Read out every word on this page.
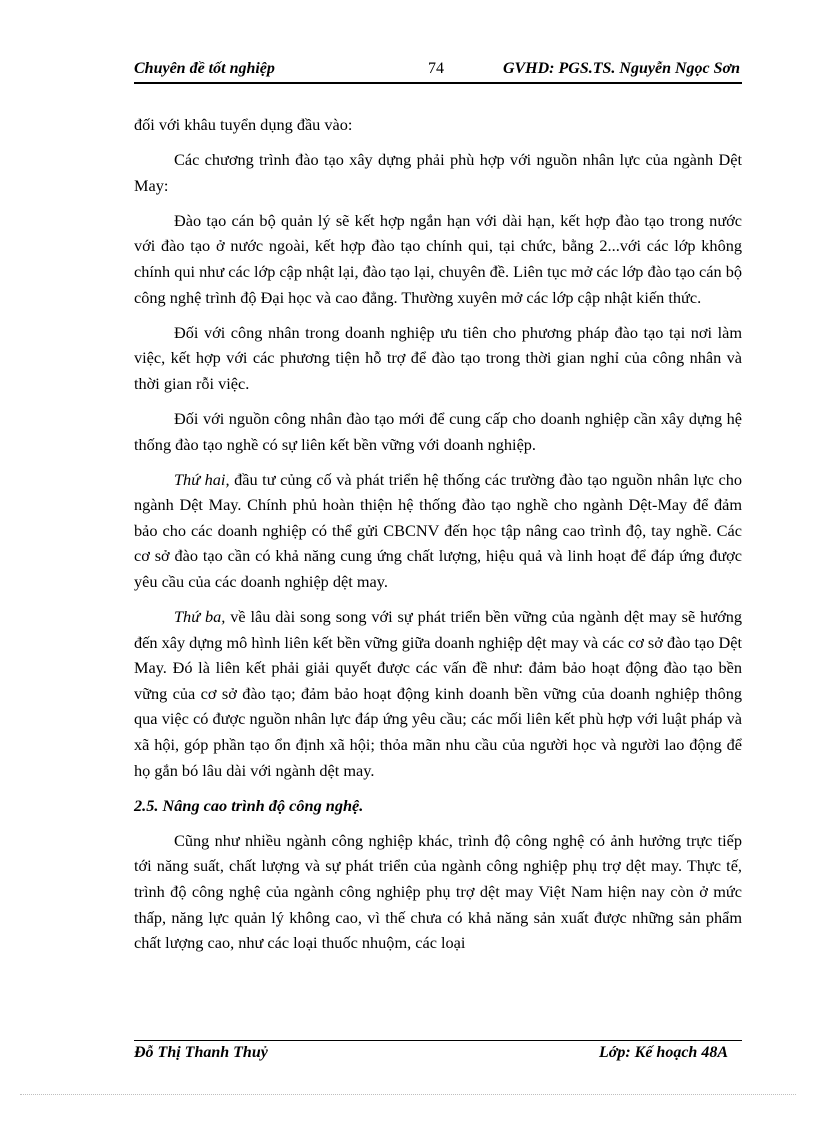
Chuyên đề tốt nghiệp	74	GVHD: PGS.TS. Nguyễn Ngọc Sơn

đối với khâu tuyển dụng đầu vào:

Các chương trình đào tạo xây dựng phải phù hợp với nguồn nhân lực của ngành Dệt May:

Đào tạo cán bộ quản lý sẽ kết hợp ngắn hạn với dài hạn, kết hợp đào tạo trong nước với đào tạo ở nước ngoài, kết hợp đào tạo chính qui, tại chức, bằng 2...với các lớp không chính qui như các lớp cập nhật lại, đào tạo lại, chuyên đề. Liên tục mở các lớp đào tạo cán bộ công nghệ trình độ Đại học và cao đẳng. Thường xuyên mở các lớp cập nhật kiến thức.

Đối với công nhân trong doanh nghiệp ưu tiên cho phương pháp đào tạo tại nơi làm việc, kết hợp với các phương tiện hỗ trợ để đào tạo trong thời gian nghỉ của công nhân và thời gian rỗi việc.

Đối với nguồn công nhân đào tạo mới để cung cấp cho doanh nghiệp cần xây dựng hệ thống đào tạo nghề có sự liên kết bền vững với doanh nghiệp.

Thứ hai, đầu tư củng cố và phát triển hệ thống các trường đào tạo nguồn nhân lực cho ngành Dệt May. Chính phủ hoàn thiện hệ thống đào tạo nghề cho ngành Dệt-May để đảm bảo cho các doanh nghiệp có thể gửi CBCNV đến học tập nâng cao trình độ, tay nghề. Các cơ sở đào tạo cần có khả năng cung ứng chất lượng, hiệu quả và linh hoạt để đáp ứng được yêu cầu của các doanh nghiệp dệt may.

Thứ ba, về lâu dài song song với sự phát triển bền vững của ngành dệt may sẽ hướng đến xây dựng mô hình liên kết bền vững giữa doanh nghiệp dệt may và các cơ sở đào tạo Dệt May. Đó là liên kết phải giải quyết được các vấn đề như: đảm bảo hoạt động đào tạo bền vững của cơ sở đào tạo; đảm bảo hoạt động kinh doanh bền vững của doanh nghiệp thông qua việc có được nguồn nhân lực đáp ứng yêu cầu; các mối liên kết phù hợp với luật pháp và xã hội, góp phần tạo ổn định xã hội; thỏa mãn nhu cầu của người học và người lao động để họ gắn bó lâu dài với ngành dệt may.

2.5. Nâng cao trình độ công nghệ.

Cũng như nhiều ngành công nghiệp khác, trình độ công nghệ có ảnh hưởng trực tiếp tới năng suất, chất lượng và sự phát triển của ngành công nghiệp phụ trợ dệt may. Thực tế, trình độ công nghệ của ngành công nghiệp phụ trợ dệt may Việt Nam hiện nay còn ở mức thấp, năng lực quản lý không cao, vì thế chưa có khả năng sản xuất được những sản phẩm chất lượng cao, như các loại thuốc nhuộm, các loại

Đỗ Thị Thanh Thuỷ	Lớp: Kế hoạch 48A
